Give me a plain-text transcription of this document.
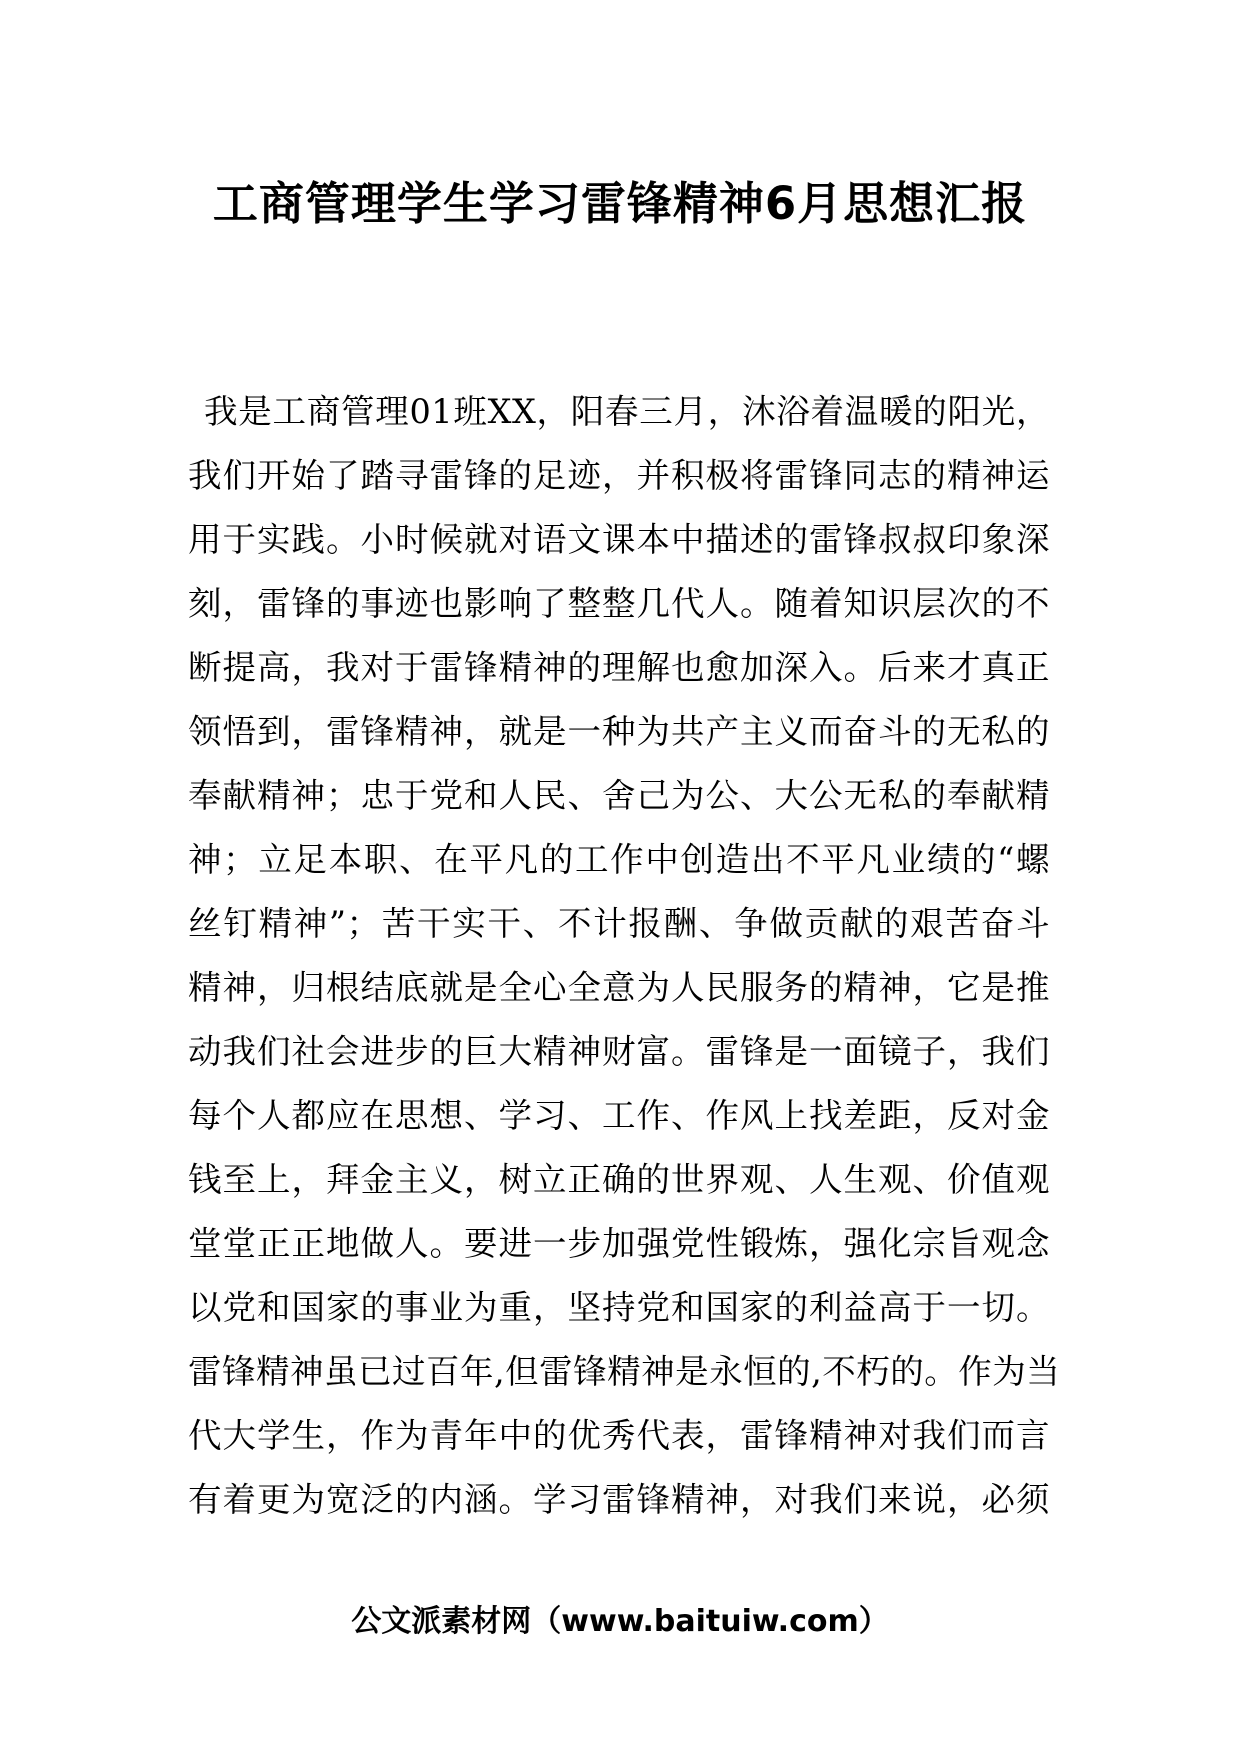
工商管理学生学习雷锋精神6月思想汇报
我是工商管理01班XX，阳春三月，沐浴着温暖的阳光，
我们开始了踏寻雷锋的足迹，并积极将雷锋同志的精神运
用于实践。小时候就对语文课本中描述的雷锋叔叔印象深
刻，雷锋的事迹也影响了整整几代人。随着知识层次的不
断提高，我对于雷锋精神的理解也愈加深入。后来才真正
领悟到，雷锋精神，就是一种为共产主义而奋斗的无私的
奉献精神；忠于党和人民、舍己为公、大公无私的奉献精
神；立足本职、在平凡的工作中创造出不平凡业绩的“螺
丝钉精神”；苦干实干、不计报酬、争做贡献的艰苦奋斗
精神，归根结底就是全心全意为人民服务的精神，它是推
动我们社会进步的巨大精神财富。雷锋是一面镜子，我们
每个人都应在思想、学习、工作、作风上找差距，反对金
钱至上，拜金主义，树立正确的世界观、人生观、价值观
堂堂正正地做人。要进一步加强党性锻炼，强化宗旨观念
以党和国家的事业为重，坚持党和国家的利益高于一切。
雷锋精神虽已过百年,但雷锋精神是永恒的,不朽的。作为当
代大学生，作为青年中的优秀代表，雷锋精神对我们而言
有着更为宽泛的内涵。学习雷锋精神，对我们来说，必须
公文派素材网（www.baituiw.com）
